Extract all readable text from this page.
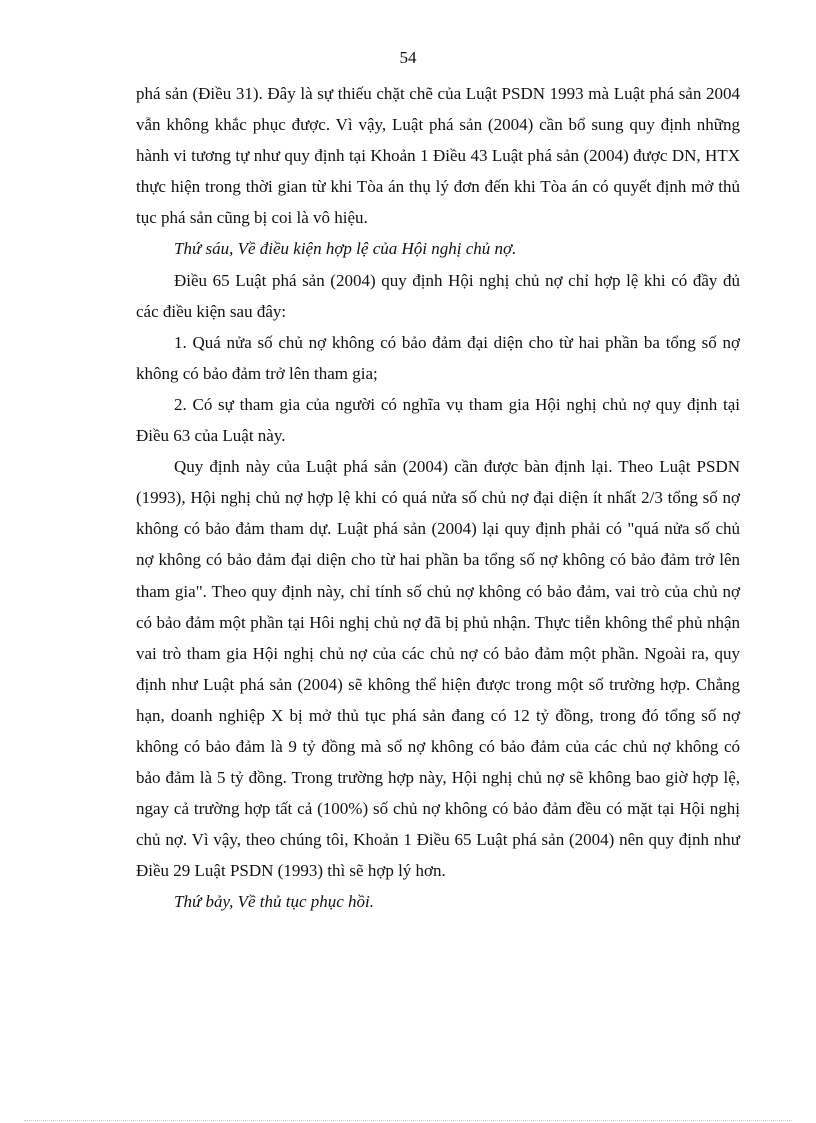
54

phá sản (Điều 31). Đây là sự thiếu chặt chẽ của Luật PSDN 1993 mà Luật phá sản 2004 vẫn không khắc phục được. Vì vậy, Luật phá sản (2004) cần bổ sung quy định những hành vi tương tự như quy định tại Khoản 1 Điều 43 Luật phá sản (2004) được DN, HTX thực hiện trong thời gian từ khi Tòa án thụ lý đơn đến khi Tòa án có quyết định mở thủ tục phá sản cũng bị coi là vô hiệu.

Thứ sáu, Về điều kiện hợp lệ của Hội nghị chủ nợ.

Điều 65 Luật phá sản (2004) quy định Hội nghị chủ nợ chỉ hợp lệ khi có đầy đủ các điều kiện sau đây:

1. Quá nửa số chủ nợ không có bảo đảm đại diện cho từ hai phần ba tổng số nợ không có bảo đảm trở lên tham gia;

2. Có sự tham gia của người có nghĩa vụ tham gia Hội nghị chủ nợ quy định tại Điều 63 của Luật này.

Quy định này của Luật phá sản (2004) cần được bàn định lại. Theo Luật PSDN (1993), Hội nghị chủ nợ hợp lệ khi có quá nửa số chủ nợ đại diện ít nhất 2/3 tổng số nợ không có bảo đảm tham dự. Luật phá sản (2004) lại quy định phải có "quá nửa số chủ nợ không có bảo đảm đại diện cho từ hai phần ba tổng số nợ không có bảo đảm trở lên tham gia". Theo quy định này, chỉ tính số chủ nợ không có bảo đảm, vai trò của chủ nợ có bảo đảm một phần tại Hôi nghị chủ nợ đã bị phủ nhận. Thực tiễn không thể phủ nhận vai trò tham gia Hội nghị chủ nợ của các chủ nợ có bảo đảm một phần. Ngoài ra, quy định như Luật phá sản (2004) sẽ không thể hiện được trong một số trường hợp. Chẳng hạn, doanh nghiệp X bị mở thủ tục phá sản đang có 12 tỷ đồng, trong đó tổng số nợ không có bảo đảm là 9 tỷ đồng mà số nợ không có bảo đảm của các chủ nợ không có bảo đảm là 5 tỷ đồng. Trong trường hợp này, Hội nghị chủ nợ sẽ không bao giờ hợp lệ, ngay cả trường hợp tất cả (100%) số chủ nợ không có bảo đảm đều có mặt tại Hội nghị chủ nợ. Vì vậy, theo chúng tôi, Khoản 1 Điều 65 Luật phá sản (2004) nên quy định như Điều 29 Luật PSDN (1993) thì sẽ hợp lý hơn.

Thứ bảy, Về thủ tục phục hồi.
